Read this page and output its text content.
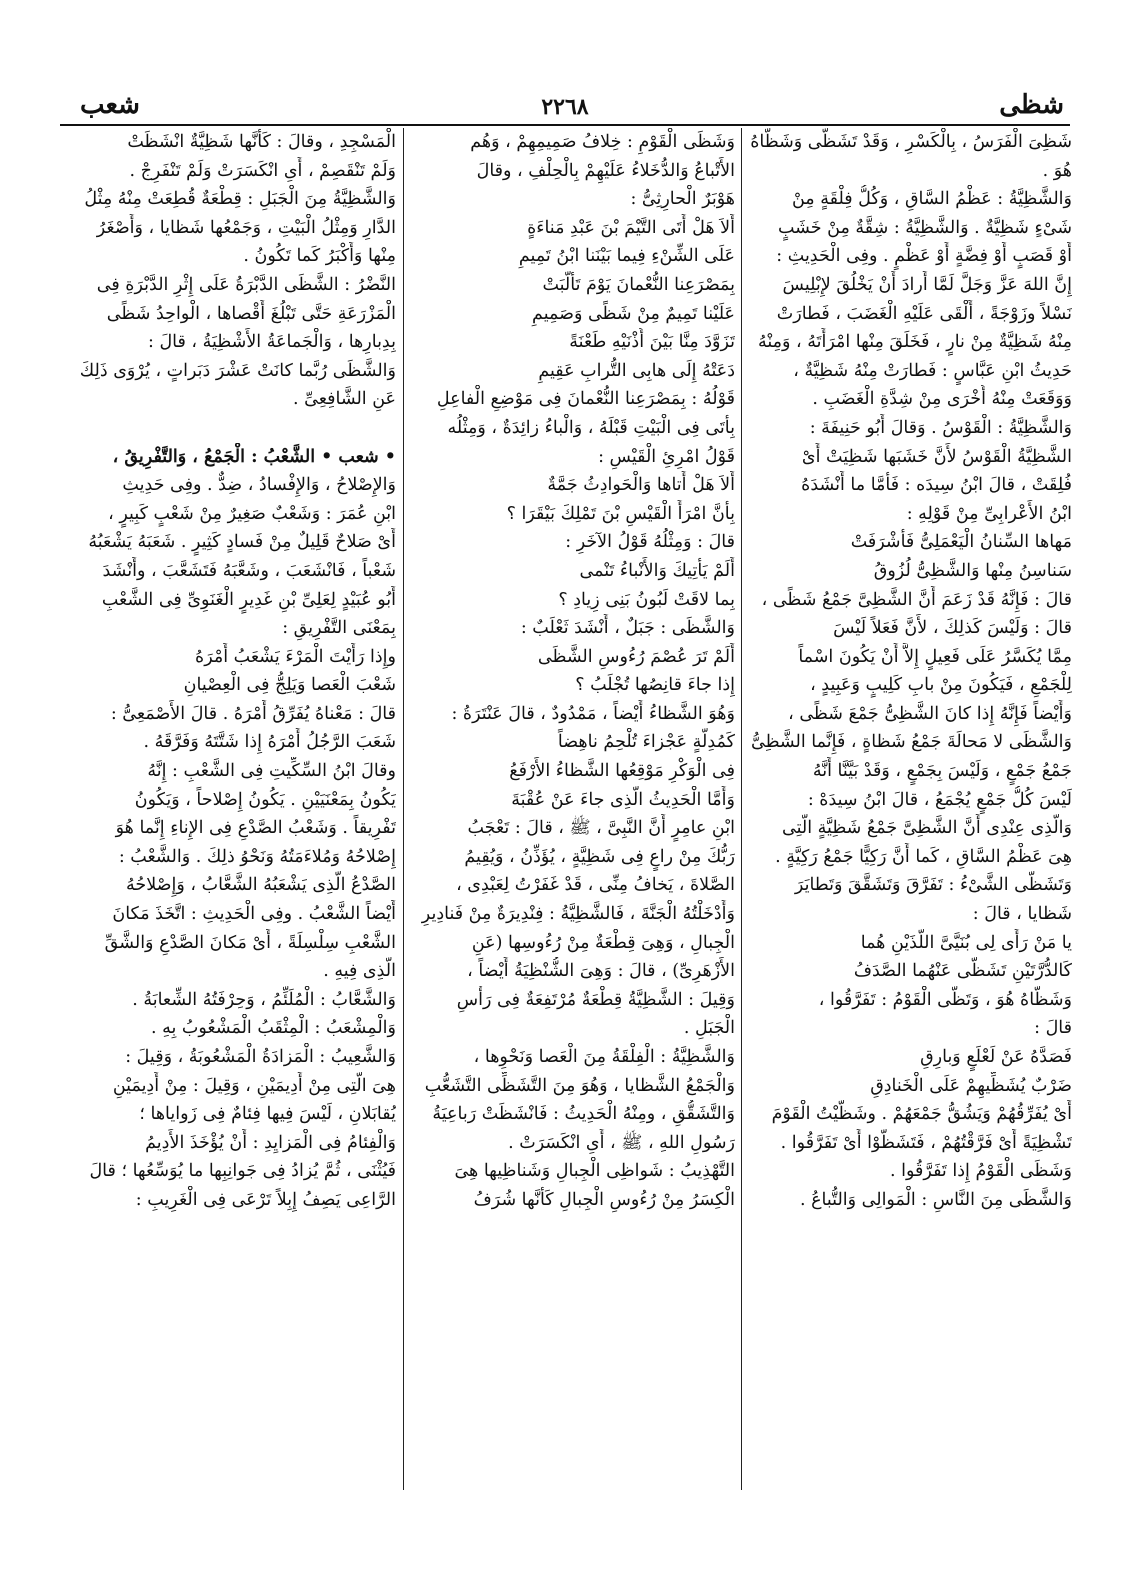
شظى
٢٢٦٨
شعب
شَظِىَ الْفَرَسُ ، بِالْكَسْرِ ، وَقَدْ تَشَظَّى وَشَظَّاهُ
هُوَ .
وَالشَّظِيَّةُ : عَظْمُ السَّاقِ ، وَكُلُّ فِلْقَةٍ مِنْ
شَىْءٍ شَظِيَّةٌ . وَالشَّظِيَّةُ : شِقَّةٌ مِنْ خَشَبٍ
أَوْ قَصَبٍ أَوْ فِضَّةٍ أَوْ عَظْمٍ . وفِى الْحَدِيثِ :
إِنَّ اللهَ عَزَّ وَجَلَّ لَمَّا أَرادَ أَنْ يَخْلُقَ لإِبْلِيسَ
نَسْلاً وزَوْجَةً ، أَلْقَى عَلَيْهِ الْغَضَبَ ، فَطارَتْ
مِنْهُ شَظِيَّةٌ مِنْ نارٍ ، فَخَلَقَ مِنْها امْرَأَتَهُ ، وَمِنْهُ
حَدِيثُ ابْنِ عَبَّاسٍ : فَطارَتْ مِنْهُ شَظِيَّةٌ ،
وَوَقَعَتْ مِنْهُ أُخْرَى مِنْ شِدَّةِ الْغَضَبِ .
وَالشَّظِيَّةُ : الْقَوْسُ . وَقالَ أَبُو حَنِيفَةَ :
الشَّظِيَّةُ الْقَوْسُ لأَنَّ خَشَبَها شَظِيَتْ أَىْ
فُلِقَتْ ، قالَ ابْنُ سِيدَه : فَأَمَّا ما أَنْشَدَهُ
ابْنُ الأَعْرابِىِّ مِنْ قَوْلِهِ :
مَهاها السِّنانُ الْيَعْمَلِىُّ فَأَشْرَفَتْ
سَناسِنُ مِنْها وَالشَّظِىُّ لُزُوقُ
قالَ : فَإِنَّهُ قَدْ زَعَمَ أَنَّ الشَّظِىَّ جَمْعُ شَظًى ،
قالَ : وَلَيْسَ كَذلِكَ ، لأَنَّ فَعَلاً لَيْسَ
مِمَّا يُكَسَّرُ عَلَى فَعِيلٍ إِلاَّ أَنْ يَكُونَ اسْماً
لِلْجَمْعِ ، فَيَكُونَ مِنْ بابِ كَلِيبٍ وَعَبِيدٍ ،
وَأَيْضاً فَإِنَّهُ إِذا كانَ الشَّظِىُّ جَمْعَ شَظًى ،
وَالشَّظَى لا مَحالَةَ جَمْعُ شَظاةٍ ، فَإِنَّما الشَّظِىُّ
جَمْعُ جَمْعٍ ، وَلَيْسَ بِجَمْعٍ ، وَقَدْ بَيَّنَّا أَنَّهُ
لَيْسَ كُلُّ جَمْعٍ يُجْمَعُ ، قالَ ابْنُ سِيدَهْ :
وَالَّذِى عِنْدِى أَنَّ الشَّظِىَّ جَمْعُ شَظِيَّةٍ الَّتِى
هِىَ عَظْمُ السَّاقِ ، كَما أَنَّ رَكِيًّا جَمْعُ رَكِيَّةٍ .
وَتَشَظَّى الشَّىْءُ : تَفَرَّقَ وَتَشَقَّقَ وَتَطايَرَ
شَظايا ، قالَ :
يا مَنْ رَأَى لِى بُنَيَّىَّ اللَّذَيْنِ هُما
كَالدُّرَّتَيْنِ تَشَظَّى عَنْهُما الصَّدَفُ
وَشَظَّاهُ هُوَ ، وَتَظَّى الْقَوْمُ : تَفَرَّقُوا ،
قالَ :
فَصَدَّهُ عَنْ لَعْلَعٍ وَبارِقِ
ضَرْبٌ يُشَظِّيهِمْ عَلَى الْخَنادِقِ
أَىْ يُفَرِّقُهُمْ وَيَشُقُّ جَمْعَهُمْ . وشَظَّيْتُ الْقَوْمَ
تَشْظِيَةً أَىْ فَرَّقْتُهُمْ ، فَتَشَظَّوْا أَىْ تَفَرَّقُوا .
وَشَظَى الْقَوْمُ إِذا تَفَرَّقُوا .
وَالشَّظَى مِنَ النَّاسِ : الْمَوالِى وَالتُّباعُ .
وَشَظَى الْقَوْمِ : خِلافُ صَمِيمِهِمْ ، وَهُم
الأَتْباعُ وَالدُّخَلاءُ عَلَيْهِمْ بِالْحِلْفِ ، وقالَ
هَوْبَرٌ الْحارِثِىُّ :
أَلاَ هَلْ أَتَى التَّيْمَ بْنَ عَبْدِ مَناءَةٍ
عَلَى الشِّنْءِ فِيما بَيْنَنا ابْنُ تَمِيمِ
بِمَصْرَعِنا النُّعْمانَ يَوْمَ تَأَلَّبَتْ
عَلَيْنا تَمِيمٌ مِنْ شَظًى وَصَمِيمِ
تَزَوَّدَ مِنَّا بَيْنَ أُذْنَيْهِ طَعْنَةً
دَعَتْهُ إِلَى هابِى التُّرابِ عَقِيمِ
قَوْلُهُ : بِمَصْرَعِنا النُّعْمانَ فِى مَوْضِعِ الْفاعِلِ
بِأَتَى فِى الْبَيْتِ قَبْلَهُ ، وَالْباءُ زائِدَةٌ ، وَمِثْلُه
قَوْلُ امْرِئِ الْقَيْسِ :
أَلاَ هَلْ أَتاها وَالْحَوادِثُ جَمَّةٌ
بِأَنَّ امْرَأَ الْقَيْسِ بْنَ تَمْلِكَ بَيْقَرَا ؟
قالَ : وَمِثْلُهُ قَوْلُ الآخَرِ :
أَلَمْ يَأْتِيكَ وَالأَنْباءُ تَنْمى
بِما لاقَتْ لَبُونُ بَنِى زِيادِ ؟
وَالشَّظَى : جَبَلٌ ، أَنْشَدَ ثَعْلَبٌ :
أَلَمْ تَرَ عُصْمَ رُءُوسِ الشَّظَى
إِذا جاءَ قانِصُها تُجْلَبُ ؟
وَهُوَ الشَّظاءُ أَيْضاً ، مَمْدُودٌ ، قالَ عَنْتَرَةُ :
كَمُدِلَّةٍ عَجْزاءَ تُلْحِمُ ناهِضاً
فِى الْوَكْرِ مَوْقِعُها الشَّظاءُ الأَرْفَعُ
وَأَمَّا الْحَدِيثُ الَّذِى جاءَ عَنْ عُقْبَةَ
ابْنِ عامِرٍ أَنَّ النَّبِىَّ ، ﷺ ، قالَ : تَعْجَبُ
رَبُّكَ مِنْ راعٍ فِى شَظِيَّةٍ ، يُؤَذِّنُ ، وَيُقِيمُ
الصَّلاةَ ، يَخافُ مِنِّى ، قَدْ غَفَرْتُ لِعَبْدِى ،
وَأَدْخَلْتُهُ الْجَنَّةَ ، فَالشَّظِيَّةُ : فِنْدِيرَةٌ مِنْ فَنادِيرِ
الْجِبالِ ، وَهِىَ قِطْعَةٌ مِنْ رُءُوسِها (عَنِ
الأَزْهَرِىِّ) ، قالَ : وَهِىَ الشُّنْظِيَةُ أَيْضاً ،
وَقِيلَ : الشَّظِيَّةُ قِطْعَةٌ مُرْتَفِعَةٌ فِى رَأْسِ
الْجَبَلِ .
وَالشَّظِيَّةُ : الْفِلْقَةُ مِنَ الْعَصا وَنَحْوِها ،
وَالْجَمْعُ الشَّظايا ، وَهُوَ مِنَ التَّشَظِّى التَّشَعُّبِ
وَالتَّشَقُّقِ ، ومِنْهُ الْحَدِيثُ : فَانْشَظَتْ رَباعِيَةُ
رَسُولِ اللهِ ، ﷺ ، أَىِ انْكَسَرَتْ .
التَّهْذِيبُ : شَواظِى الْجِبالِ وَشَناظِيها هِىَ
الْكِسَرُ مِنْ رُءُوسِ الْجِبالِ كَأَنَّها شُرَفُ
الْمَسْجِدِ ، وقالَ : كَأَنَّها شَظِيَّةٌ انْشَظَتْ
وَلَمْ تَنْقَصِمْ ، أَىِ انْكَسَرَتْ وَلَمْ تَنْفَرِجْ .
وَالشَّظِيَّةُ مِنَ الْجَبَلِ : قِطْعَةٌ قُطِعَتْ مِنْهُ مِثْلُ
الدَّارِ وَمِثْلُ الْبَيْتِ ، وَجَمْعُها شَظايا ، وَأَصْغَرُ
مِنْها وَأَكْبَرُ كَما تَكُونُ .
النَّضْرُ : الشَّظَى الدَّبْرَةُ عَلَى إِثْرِ الدَّبْرَةِ فِى
الْمَزْرَعَةِ حَتَّى تَبْلُغَ أَقْصاها ، الْواحِدُ شَظًى
بِدِبارِها ، وَالْجَماعَةُ الأَشْظِيَةُ ، قالَ :
وَالشَّظَى رُبَّما كانَتْ عَشْرَ دَبَراتٍ ، يُرْوَى ذَلِكَ
عَنِ الشَّافِعِىِّ .
• شعب • الشَّعْبُ : الْجَمْعُ ، وَالتَّفْرِيقُ ،
وَالإِصْلاحُ ، وَالإِفْسادُ ، ضِدٌّ . وفِى حَدِيثِ
ابْنِ عُمَرَ : وَشَعْبٌ صَغِيرٌ مِنْ شَعْبٍ كَبِيرٍ ،
أَىْ صَلاحٌ قَلِيلٌ مِنْ فَسادٍ كَثِيرٍ . شَعَبَهُ يَشْعَبُهُ
شَعْباً ، فَانْشَعَبَ ، وشَعَّبَهُ فَتَشَعَّبَ ، وأَنْشَدَ
أَبُو عُبَيْدٍ لِعَلِىِّ بْنِ غَدِيرٍ الْغَنَوِىِّ فِى الشَّعْبِ
بِمَعْنَى التَّفْرِيقِ :
وإِذا رَأَيْتَ الْمَرْءَ يَشْعَبُ أَمْرَهُ
شَعْبَ الْعَصا وَيَلِجُّ فِى الْعِصْيانِ
قالَ : مَعْناهُ يُفَرِّقُ أَمْرَهُ . قالَ الأَصْمَعِىُّ :
شَعَبَ الرَّجُلُ أَمْرَهُ إِذا شَتَّتَهُ وَفَرَّقَهُ .
وقالَ ابْنُ السِّكِّيتِ فِى الشَّعْبِ : إِنَّهُ
يَكُونُ بِمَعْنَيَيْنِ . يَكُونُ إِصْلاحاً ، وَيَكُونُ
تَفْرِيقاً . وَشَعْبُ الصَّدْعِ فِى الإِناءِ إِنَّما هُوَ
إِصْلاحُهُ وَمُلاءَمَتُهُ وَنَحْوُ ذلِكَ . وَالشَّعْبُ :
الصَّدْعُ الَّذِى يَشْعَبُهُ الشَّعَّابُ ، وَإِصْلاحُهُ
أَيْضاً الشَّعْبُ . وفِى الْحَدِيثِ : اتَّخَذَ مَكانَ
الشَّعْبِ سِلْسِلَةً ، أَىْ مَكانَ الصَّدْعِ وَالشَّقِّ
الَّذِى فِيهِ .
وَالشَّعَّابُ : الْمُلَئِّمُ ، وَحِرْفَتُهُ الشِّعابَةُ .
وَالْمِشْعَبُ : الْمِثْقَبُ الْمَشْعُوبُ بِهِ .
وَالشَّعِيبُ : الْمَزادَةُ الْمَشْعُوبَةُ ، وَقِيلَ :
هِىَ الَّتِى مِنْ أَدِيمَيْنِ ، وَقِيلَ : مِنْ أَدِيمَيْنِ
يُقابَلانِ ، لَيْسَ فِيها فِئامٌ فِى زَواياها ؛
وَالْفِئامُ فِى الْمَزايِدِ : أَنْ يُؤْخَذَ الأَدِيمُ
فَيُثْنَى ، ثُمَّ يُزادُ فِى جَوانِبِها ما يُوَسِّعُها ؛ قالَ
الرَّاعِى يَصِفُ إِبِلاً تَرْعَى فِى الْغَرِيبِ :
